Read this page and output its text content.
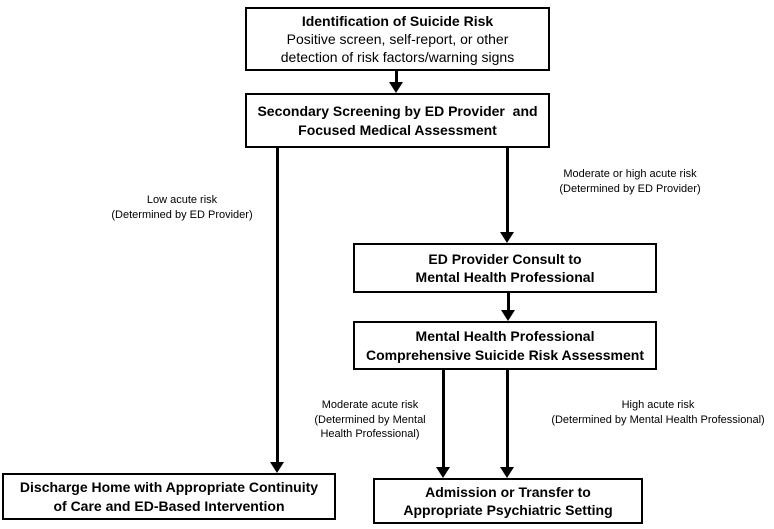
Identification of Suicide Risk
Positive screen, self-report, or other
detection of risk factors/warning signs
Secondary Screening by ED Provider  and
Focused Medical Assessment
Low acute risk
(Determined by ED Provider)
Moderate or high acute risk
(Determined by ED Provider)
ED Provider Consult to
Mental Health Professional
Mental Health Professional
Comprehensive Suicide Risk Assessment
Moderate acute risk
(Determined by Mental
Health Professional)
High acute risk
(Determined by Mental Health Professional)
Discharge Home with Appropriate Continuity
of Care and ED-Based Intervention
Admission or Transfer to
Appropriate Psychiatric Setting
